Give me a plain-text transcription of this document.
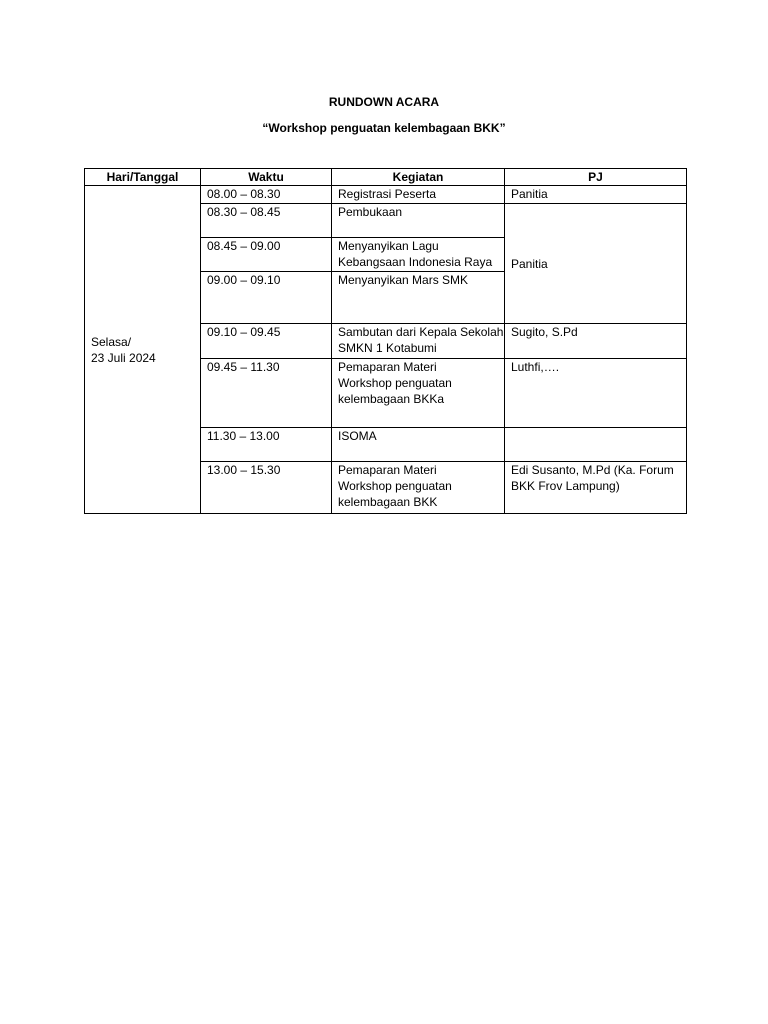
RUNDOWN ACARA
“Workshop penguatan kelembagaan BKK”
Hari/Tanggal	Waktu	Kegiatan	PJ

Selasa/
23 Juli 2024	08.00 – 08.30	Registrasi Peserta	Panitia

	08.30 – 08.45	Pembukaan	Panitia

	08.45 – 09.00	Menyanyikan Lagu
Kebangsaan Indonesia Raya	

	09.00 – 09.10	Menyanyikan Mars SMK	

	09.10 – 09.45	Sambutan dari Kepala Sekolah
SMKN 1 Kotabumi	Sugito, S.Pd

	09.45 – 11.30	Pemaparan Materi
Workshop penguatan
kelembagaan BKKa	Luthfi,….

	11.30 – 13.00	ISOMA	

	13.00 – 15.30	Pemaparan Materi
Workshop penguatan
kelembagaan BKK	Edi Susanto, M.Pd (Ka. Forum
BKK Frov Lampung)
